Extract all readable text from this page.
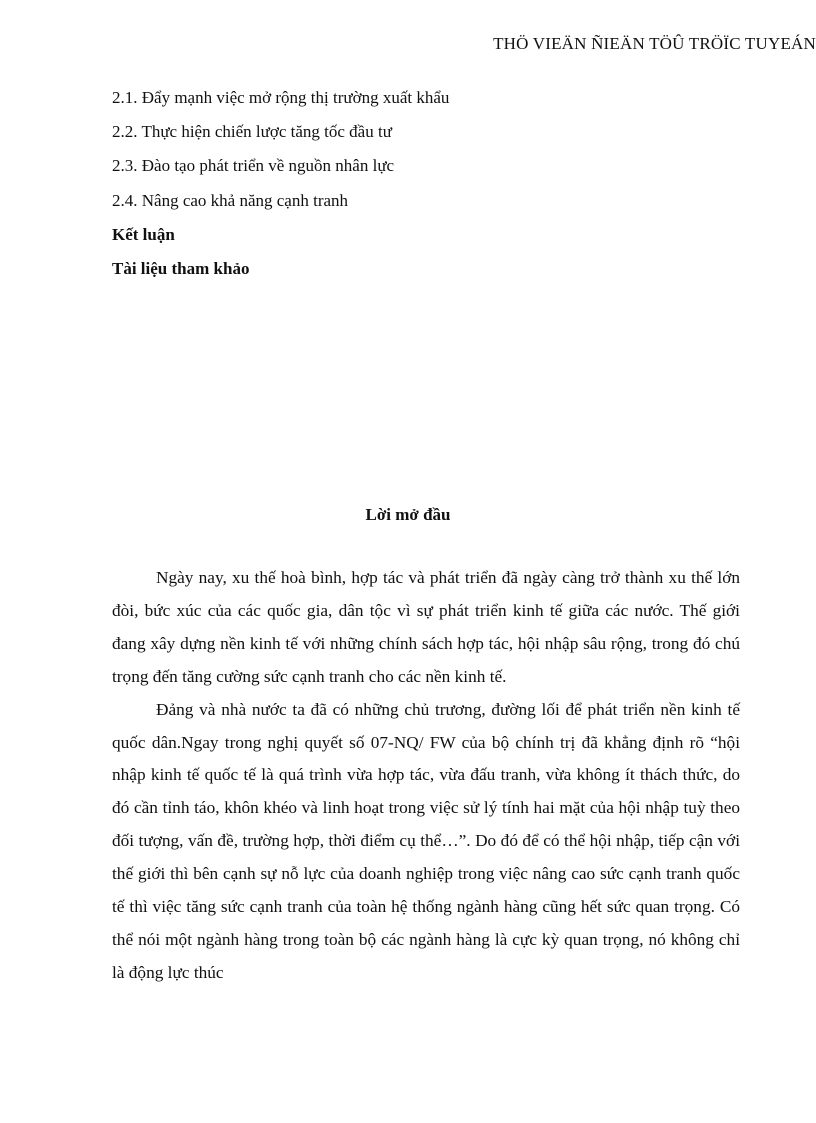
THÖ VIEÄN ÑIEÄN TÖÛ TRÖÏC TUYEÁN
2.1. Đẩy mạnh việc mở rộng thị trường xuất khẩu
2.2. Thực hiện chiến lược tăng tốc đầu tư
2.3. Đào tạo phát triển về nguồn nhân lực
2.4. Nâng cao khả năng cạnh tranh
Kết luận
Tài liệu tham khảo
Lời mở đầu

Ngày nay, xu thế hoà bình, hợp tác và phát triển đã ngày càng trở thành xu thế lớn đòi, bức xúc của các quốc gia, dân tộc vì sự phát triển kinh tế giữa các nước. Thế giới đang xây dựng nền kinh tế với những chính sách hợp tác, hội nhập sâu rộng, trong đó chú trọng đến tăng cường sức cạnh tranh cho các nền kinh tế.

Đảng và nhà nước ta đã có những chủ trương, đường lối để phát triển nền kinh tế quốc dân.Ngay trong nghị quyết số 07-NQ/ FW của bộ chính trị đã khẳng định rõ “hội nhập kinh tế quốc tế là quá trình vừa hợp tác, vừa đấu tranh, vừa không ít thách thức, do đó cần tỉnh táo, khôn khéo và linh hoạt trong việc sử lý tính hai mặt của hội nhập tuỳ theo đối tượng, vấn đề, trường hợp, thời điểm cụ thể…”. Do đó để có thể hội nhập, tiếp cận với thế giới thì bên cạnh sự nỗ lực của doanh nghiệp trong việc nâng cao sức cạnh tranh quốc tế thì việc tăng sức cạnh tranh của toàn hệ thống ngành hàng cũng hết sức quan trọng. Có thể nói một ngành hàng trong toàn bộ các ngành hàng là cực kỳ quan trọng, nó không chỉ là động lực thúc
